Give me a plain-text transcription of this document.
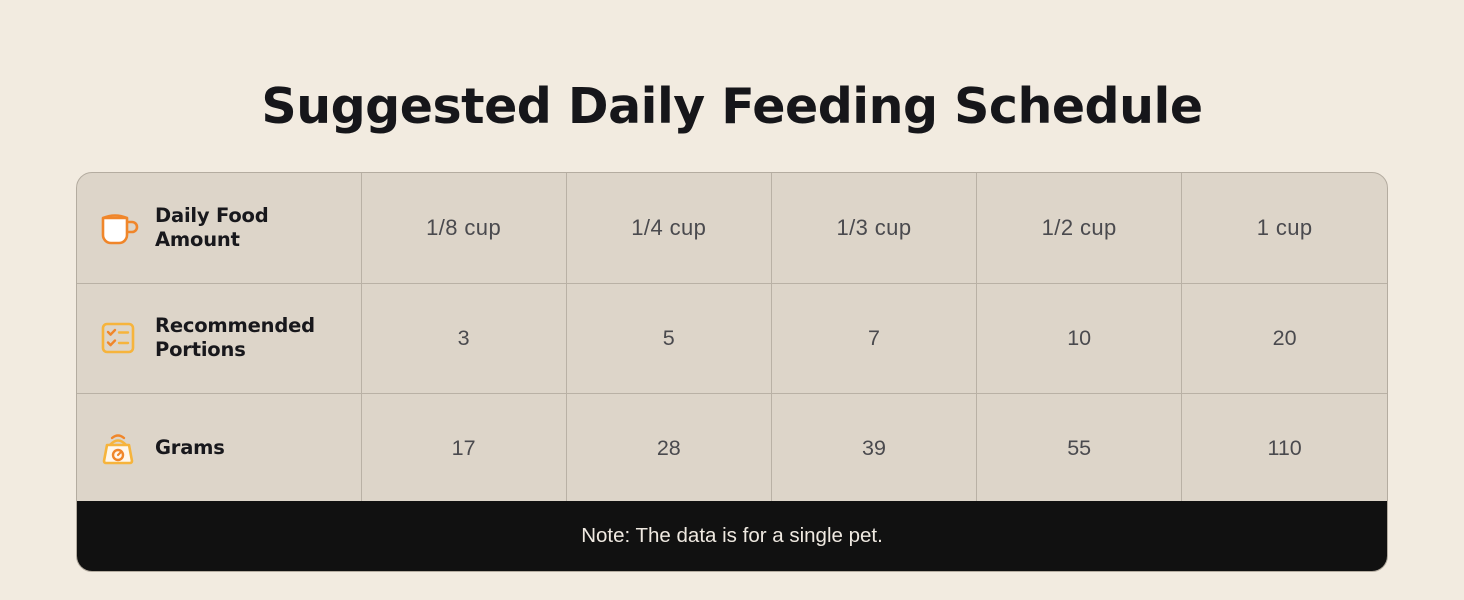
Suggested Daily Feeding Schedule
Daily Food
Amount	1/8 cup	1/4 cup	1/3 cup	1/2 cup	1 cup

Recommended
Portions	3	5	7	10	20

Grams	17	28	39	55	110
Note: The data is for a single pet.
